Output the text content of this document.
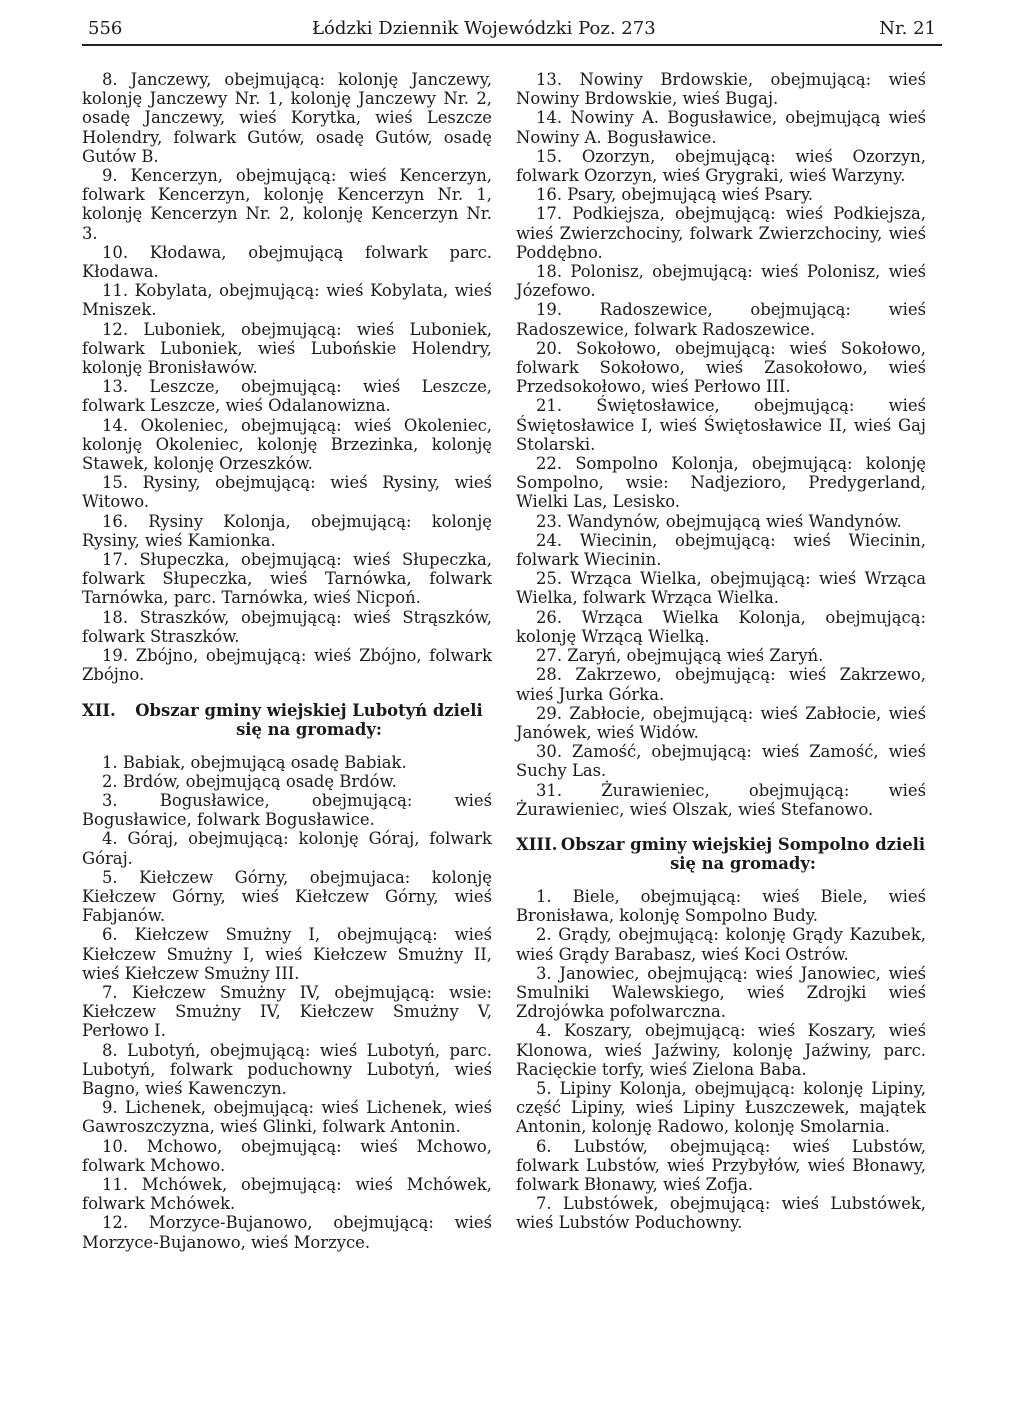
556	Łódzki Dziennik Wojewódzki Poz. 273	Nr. 21

8. Janczewy, obejmującą: kolonję Janczewy, kolonję Janczewy Nr. 1, kolonję Janczewy Nr. 2, osadę Janczewy, wieś Korytka, wieś Leszcze Holendry, folwark Gutów, osadę Gutów, osadę Gutów B.

9. Kencerzyn, obejmującą: wieś Kencerzyn, folwark Kencerzyn, kolonję Kencerzyn Nr. 1, kolonję Kencerzyn Nr. 2, kolonję Kencerzyn Nr. 3.

10. Kłodawa, obejmującą folwark parc. Kłodawa.

11. Kobylata, obejmującą: wieś Kobylata, wieś Mniszek.

12. Luboniek, obejmującą: wieś Luboniek, folwark Luboniek, wieś Lubońskie Holendry, kolonję Bronisławów.

13. Leszcze, obejmującą: wieś Leszcze, folwark Leszcze, wieś Odalanowizna.

14. Okoleniec, obejmującą: wieś Okoleniec, kolonję Okoleniec, kolonję Brzezinka, kolonję Stawek, kolonję Orzeszków.

15. Rysiny, obejmującą: wieś Rysiny, wieś Witowo.

16. Rysiny Kolonja, obejmującą: kolonję Rysiny, wieś Kamionka.

17. Słupeczka, obejmującą: wieś Słupeczka, folwark Słupeczka, wieś Tarnówka, folwark Tarnówka, parc. Tarnówka, wieś Nicpoń.

18. Straszków, obejmującą: wieś Strąszków, folwark Straszków.

19. Zbójno, obejmującą: wieś Zbójno, folwark Zbójno.

XII.	Obszar gminy wiejskiej Lubotyń dzieli się na gromady:

1. Babiak, obejmującą osadę Babiak.

2. Brdów, obejmującą osadę Brdów.

3. Bogusławice, obejmującą: wieś Bogusławice, folwark Bogusławice.

4. Góraj, obejmującą: kolonję Góraj, folwark Góraj.

5. Kiełczew Górny, obejmujaca: kolonję Kiełczew Górny, wieś Kiełczew Górny, wieś Fabjanów.

6. Kiełczew Smużny I, obejmującą: wieś Kiełczew Smużny I, wieś Kiełczew Smużny II, wieś Kiełczew Smużny III.

7. Kiełczew Smużny IV, obejmującą: wsie: Kiełczew Smużny IV, Kiełczew Smużny V, Perłowo I.

8. Lubotyń, obejmującą: wieś Lubotyń, parc. Lubotyń, folwark poduchowny Lubotyń, wieś Bagno, wieś Kawenczyn.

9. Lichenek, obejmującą: wieś Lichenek, wieś Gawroszczyzna, wieś Glinki, folwark Antonin.

10. Mchowo, obejmującą: wieś Mchowo, folwark Mchowo.

11. Mchówek, obejmującą: wieś Mchówek, folwark Mchówek.

12. Morzyce-Bujanowo, obejmującą: wieś Morzyce-Bujanowo, wieś Morzyce.

13. Nowiny Brdowskie, obejmującą: wieś Nowiny Brdowskie, wieś Bugaj.

14. Nowiny A. Bogusławice, obejmującą wieś Nowiny A. Bogusławice.

15. Ozorzyn, obejmującą: wieś Ozorzyn, folwark Ozorzyn, wieś Grygraki, wieś Warzyny.

16. Psary, obejmującą wieś Psary.

17. Podkiejsza, obejmującą: wieś Podkiejsza, wieś Zwierzchociny, folwark Zwierzchociny, wieś Poddębno.

18. Polonisz, obejmującą: wieś Polonisz, wieś Józefowo.

19. Radoszewice, obejmującą: wieś Radoszewice, folwark Radoszewice.

20. Sokołowo, obejmującą: wieś Sokołowo, folwark Sokołowo, wieś Zasokołowo, wieś Przedsokołowo, wieś Perłowo III.

21. Świętosławice, obejmującą: wieś Świętosławice I, wieś Świętosławice II, wieś Gaj Stolarski.

22. Sompolno Kolonja, obejmującą: kolonję Sompolno, wsie: Nadjezioro, Predygerland, Wielki Las, Lesisko.

23. Wandynów, obejmującą wieś Wandynów.

24. Wiecinin, obejmującą: wieś Wiecinin, folwark Wiecinin.

25. Wrząca Wielka, obejmującą: wieś Wrząca Wielka, folwark Wrząca Wielka.

26. Wrząca Wielka Kolonja, obejmującą: kolonję Wrzącą Wielką.

27. Zaryń, obejmującą wieś Zaryń.

28. Zakrzewo, obejmującą: wieś Zakrzewo, wieś Jurka Górka.

29. Zabłocie, obejmującą: wieś Zabłocie, wieś Janówek, wieś Widów.

30. Zamość, obejmującą: wieś Zamość, wieś Suchy Las.

31. Żurawieniec, obejmującą: wieś Żurawieniec, wieś Olszak, wieś Stefanowo.

XIII. Obszar gminy wiejskiej Sompolno dzieli się na gromady:

1. Biele, obejmującą: wieś Biele, wieś Bronisława, kolonję Sompolno Budy.

2. Grądy, obejmującą: kolonję Grądy Kazubek, wieś Grądy Barabasz, wieś Koci Ostrów.

3. Janowiec, obejmującą: wieś Janowiec, wieś Smulniki Walewskiego, wieś Zdrojki wieś Zdrojówka pofolwarczna.

4. Koszary, obejmującą: wieś Koszary, wieś Klonowa, wieś Jaźwiny, kolonję Jaźwiny, parc. Racięckie torfy, wieś Zielona Baba.

5. Lipiny Kolonja, obejmującą: kolonję Lipiny, część Lipiny, wieś Lipiny Łuszczewek, majątek Antonin, kolonję Radowo, kolonję Smolarnia.

6. Lubstów, obejmującą: wieś Lubstów, folwark Lubstów, wieś Przybyłów, wieś Błonawy, folwark Błonawy, wieś Zofja.

7. Lubstówek, obejmującą: wieś Lubstówek, wieś Lubstów Poduchowny.
